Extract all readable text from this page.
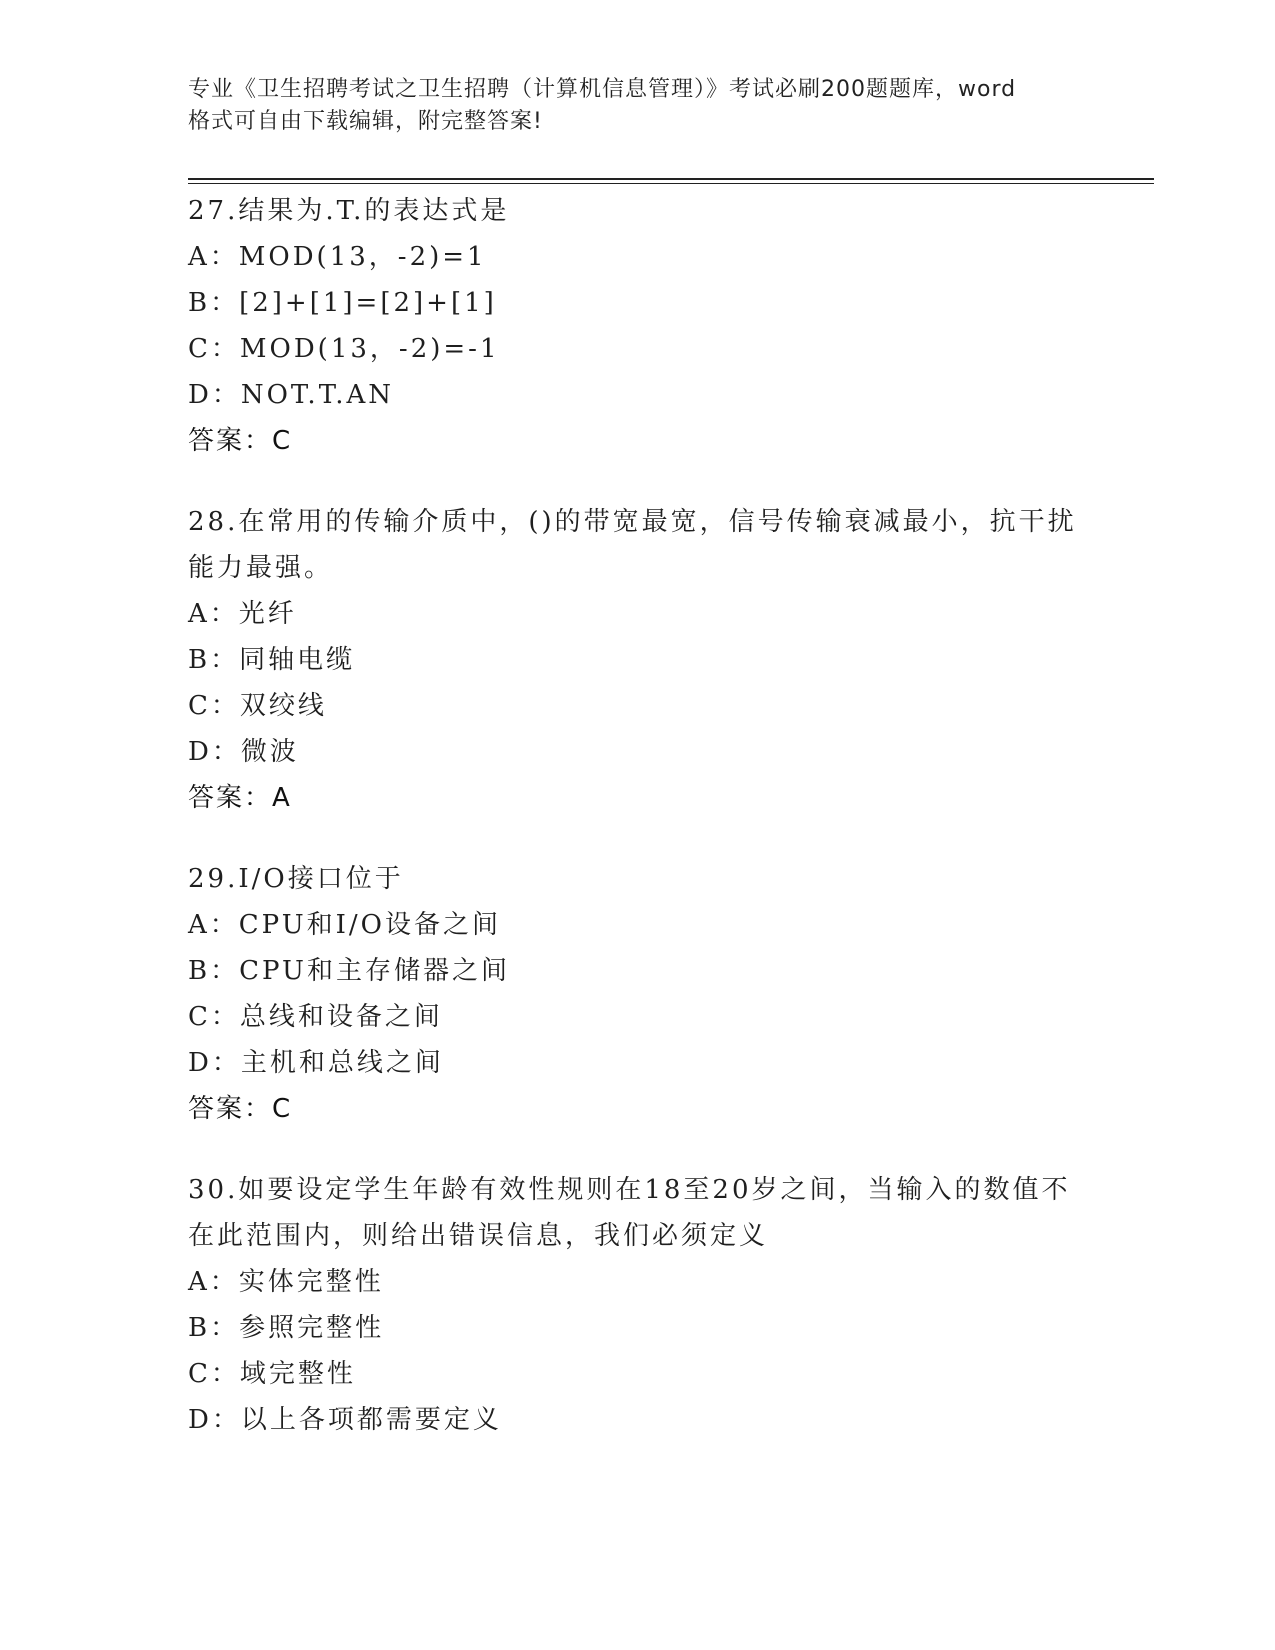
专业《卫生招聘考试之卫生招聘（计算机信息管理）》考试必刷200题题库，word
格式可自由下载编辑，附完整答案!
27.结果为.T.的表达式是
A：MOD(13，-2)=1
B：[2]+[1]=[2]+[1]
C：MOD(13，-2)=-1
D：NOT.T.AN
答案：C
28.在常用的传输介质中，()的带宽最宽，信号传输衰减最小，抗干扰
能力最强。
A：光纤
B：同轴电缆
C：双绞线
D：微波
答案：A
29.I/O接口位于
A：CPU和I/O设备之间
B：CPU和主存储器之间
C：总线和设备之间
D：主机和总线之间
答案：C
30.如要设定学生年龄有效性规则在18至20岁之间，当输入的数值不
在此范围内，则给出错误信息，我们必须定义
A：实体完整性
B：参照完整性
C：域完整性
D：以上各项都需要定义
